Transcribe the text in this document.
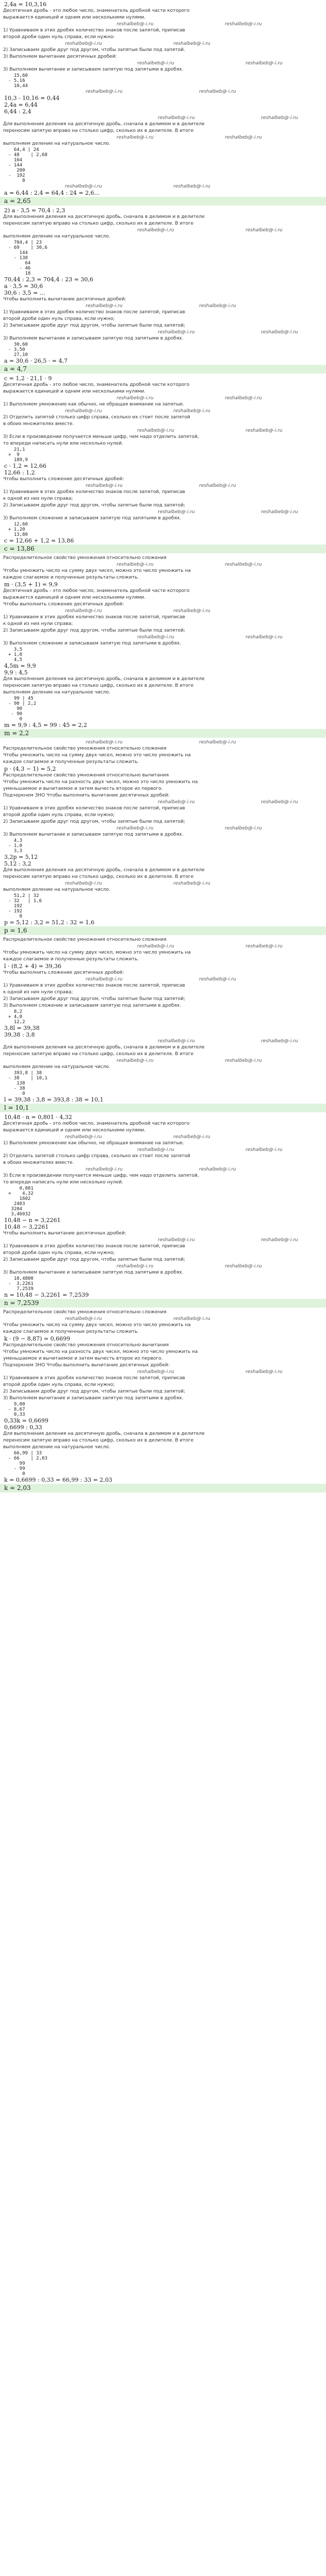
2,4a = 10,3,16
Десятичная дробь - это любое число, знаменатель дробной части которого
выражается единицей и одним или несколькими нулями.
reshalbeb@-i.ru	reshalbeb@-i.ru
1) Уравниваем в этих дробях количество знаков после запятой, приписав
второй дроби один нуль справа, если нужно:
reshalbeb@-i.ru	reshalbeb@-i.ru
2) Записываем дроби друг под другом, чтобы запятые были под запятой.
3) Выполняем вычитание десятичных дробей:
reshalbeb@-i.ru	reshalbeb@-i.ru
3) Выполняем вычитание и записываем запятую под запятыми в дробях.
15,60
- 5,16
10,44
reshalbeb@-i.ru	reshalbeb@-i.ru
10,3 - 10,16 = 0,44
2,4a = 6,44
6,44 : 2,4
reshalbeb@-i.ru	reshalbeb@-i.ru
Для выполнения деления на десятичную дробь, сначала в делимом и в делителе
переносим запятую вправо на столько цифр, сколько их в делителе. В итоге
reshalbeb@-i.ru	reshalbeb@-i.ru
выполняем деление на натуральное число.
64,4 | 24
- 48    | 2,68
164
- 144
200
-  192
8
reshalbeb@-i.ru	reshalbeb@-i.ru
a = 6,44 : 2,4 = 64,4 : 24 = 2,6...
a = 2,65
2) a · 3,5 = 70,4 : 2,3
Для выполнения деления на десятичную дробь, сначала в делимом и в делителе
переносим запятую вправо на столько цифр, сколько их в делителе. В итоге
reshalbeb@-i.ru	reshalbeb@-i.ru
выполняем деление на натуральное число.
704,4 | 23
- 69    | 30,6
144
- 138
64
- 46
18
70,44 : 2,3 = 704,4 : 23 = 30,6
a · 3,5 = 30,6
30,6 : 3,5 = ...
Чтобы выполнить вычитание десятичных дробей:
reshalbeb@-i.ru	reshalbeb@-i.ru
1) Уравниваем в этих дробях количество знаков после запятой, приписав
второй дроби один нуль справа, если нужно;
2) Записываем дроби друг под другом, чтобы запятые были под запятой;
reshalbeb@-i.ru	reshalbeb@-i.ru
3) Выполняем вычитание и записываем запятую под запятыми в дробях.
30,60
- 3,50
27,10
a = 30,6 · 26,5 · = 4,7
a = 4,7
c = 1,2 · 21,1 · 9
Десятичная дробь - это любое число, знаменатель дробной части которого
выражается единицей и одним или несколькими нулями.
reshalbeb@-i.ru	reshalbeb@-i.ru
1) Выполняем умножение как обычно, не обращая внимание на запятые.
reshalbeb@-i.ru	reshalbeb@-i.ru
2) Отделить запятой столько цифр справа, сколько их стоит после запятой
в обоих множителях вместе.
reshalbeb@-i.ru	reshalbeb@-i.ru
3) Если в произведении получается меньше цифр, чем надо отделить запятой,
то впереди написать нули или несколько нулей.
21,1
×  9
189,9
c · 1,2 = 12,66
12,66 : 1,2
Чтобы выполнить сложение десятичных дробей:
reshalbeb@-i.ru	reshalbeb@-i.ru
1) Уравниваем в этих дробях количество знаков после запятой, приписав
к одной из них нули справа;
2) Записываем дроби друг под другом, чтобы запятые были под запятой;
reshalbeb@-i.ru	reshalbeb@-i.ru
3) Выполняем сложение и записываем запятую под запятыми в дробях.
12,60
+ 1,20
13,80
c = 12,66 + 1,2 = 13,86
c = 13,86
Распределительное свойство умножения относительно сложения
reshalbeb@-i.ru	reshalbeb@-i.ru
Чтобы умножить число на сумму двух чисел, можно это число умножить на
каждое слагаемое и полученные результаты сложить.
m · (3,5 + 1) = 9,9
Десятичная дробь - это любое число, знаменатель дробной части которого
выражается единицей и одним или несколькими нулями.
Чтобы выполнить сложение десятичных дробей:
reshalbeb@-i.ru	reshalbeb@-i.ru
1) Уравниваем в этих дробях количество знаков после запятой, приписав
к одной из них нули справа;
2) Записываем дроби друг под другом, чтобы запятые были под запятой;
reshalbeb@-i.ru	reshalbeb@-i.ru
3) Выполняем сложение и записываем запятую под запятыми в дробях.
3,5
+ 1,0
4,5
4,5m = 9,9
9,9 : 4,5
Для выполнения деления на десятичную дробь, сначала в делимом и в делителе
переносим запятую вправо на столько цифр, сколько их в делителе. В итоге
выполняем деление на натуральное число.
99 | 45
- 90 | 2,2
90
- 90
0
m = 9,9 : 4,5 = 99 : 45 = 2,2
m = 2,2
reshalbeb@-i.ru	reshalbeb@-i.ru
Распределительное свойство умножения относительно сложения
Чтобы умножить число на сумму двух чисел, можно это число умножить на
каждое слагаемое и полученные результаты сложить.
p · (4,3 − 1) = 5,2
Распределительное свойство умножения относительно вычитания
Чтобы умножить число на разность двух чисел, можно это число умножить на
уменьшаемое и вычитаемое и затем вычесть второе из первого.
Подчеркнем ЗНО Чтобы выполнить вычитание десятичных дробей:
reshalbeb@-i.ru	reshalbeb@-i.ru
1) Уравниваем в этих дробях количество знаков после запятой, приписав
второй дроби один нуль справа, если нужно;
2) Записываем дроби друг под другом, чтобы запятые были под запятой;
reshalbeb@-i.ru	reshalbeb@-i.ru
3) Выполняем вычитание и записываем запятую под запятыми в дробях.
4,3
- 1,0
3,3
3,2p = 5,12
5,12 : 3,2
Для выполнения деления на десятичную дробь, сначала в делимом и в делителе
переносим запятую вправо на столько цифр, сколько их в делителе. В итоге
reshalbeb@-i.ru	reshalbeb@-i.ru
выполняем деление на натуральное число.
51,2 | 32
- 32   | 1,6
192
- 192
0
p = 5,12 : 3,2 = 51,2 : 32 = 1,6
p = 1,6
Распределительное свойство умножения относительно сложения
reshalbeb@-i.ru	reshalbeb@-i.ru
Чтобы умножить число на сумму двух чисел, можно это число умножить на
каждое слагаемое и полученные результаты сложить.
l · (8,2 + 4) = 39,36
Чтобы выполнить сложение десятичных дробей:
reshalbeb@-i.ru	reshalbeb@-i.ru
1) Уравниваем в этих дробях количество знаков после запятой, приписав
к одной из них нули справа;
2) Записываем дроби друг под другом, чтобы запятые были под запятой;
3) Выполняем сложение и записываем запятую под запятыми в дробях.
8,2
+ 4,0
12,2
3,8l = 39,38
39,38 : 3,8
reshalbeb@-i.ru	reshalbeb@-i.ru
Для выполнения деления на десятичную дробь, сначала в делимом и в делителе
переносим запятую вправо на столько цифр, сколько их в делителе. В итоге
reshalbeb@-i.ru	reshalbeb@-i.ru
выполняем деление на натуральное число.
393,8 | 38
- 38    | 10,1
138
- 38
0
l = 39,38 : 3,8 = 393,8 : 38 = 10,1
l = 10,1
10,48 · n = 0,801 · 4,32
Десятичная дробь - это любое число, знаменатель дробной части которого
выражается единицей и одним или несколькими нулями.
reshalbeb@-i.ru	reshalbeb@-i.ru
1) Выполняем умножение как обычно, не обращая внимание на запятые.
reshalbeb@-i.ru	reshalbeb@-i.ru
2) Отделить запятой столько цифр справа, сколько их стоит после запятой
в обоих множителях вместе.
reshalbeb@-i.ru	reshalbeb@-i.ru
3) Если в произведении получается меньше цифр, чем надо отделить запятой,
то впереди написать нули или несколько нулей.
0,801
×    4,32
1602
2403
3204
3,46032
10,48 − n = 3,2261
10,48 − 3,2261
Чтобы выполнить вычитание десятичных дробей:
reshalbeb@-i.ru	reshalbeb@-i.ru
1) Уравниваем в этих дробях количество знаков после запятой, приписав
второй дроби один нуль справа, если нужно;
2) Записываем дроби друг под другом, чтобы запятые были под запятой;
reshalbeb@-i.ru	reshalbeb@-i.ru
3) Выполняем вычитание и записываем запятую под запятыми в дробях.
10,4800
-  3,2261
7,2539
n = 10,48 − 3,2261 = 7,2539
n = 7,2539
Распределительное свойство умножения относительно сложения
reshalbeb@-i.ru	reshalbeb@-i.ru
Чтобы умножить число на сумму двух чисел, можно это число умножить на
каждое слагаемое и полученные результаты сложить.
k · (9 − 8,87) = 0,6699
Распределительное свойство умножения относительно вычитания
Чтобы умножить число на разность двух чисел, можно это число умножить на
уменьшаемое и вычитаемое и затем вычесть второе из первого.
Подчеркнем ЗНО Чтобы выполнить вычитание десятичных дробей:
reshalbeb@-i.ru	reshalbeb@-i.ru
1) Уравниваем в этих дробях количество знаков после запятой, приписав
второй дроби один нуль справа, если нужно;
2) Записываем дроби друг под другом, чтобы запятые были под запятой;
3) Выполняем вычитание и записываем запятую под запятыми в дробях.
9,00
- 8,67
0,33
0,33k = 0,6699
0,6699 : 0,33
Для выполнения деления на десятичную дробь, сначала в делимом и в делителе
переносим запятую вправо на столько цифр, сколько их в делителе. В итоге
выполняем деление на натуральное число.
66,99 | 33
- 66    | 2,03
99
- 99
0
k = 0,6699 : 0,33 = 66,99 : 33 = 2,03
k = 2,03
